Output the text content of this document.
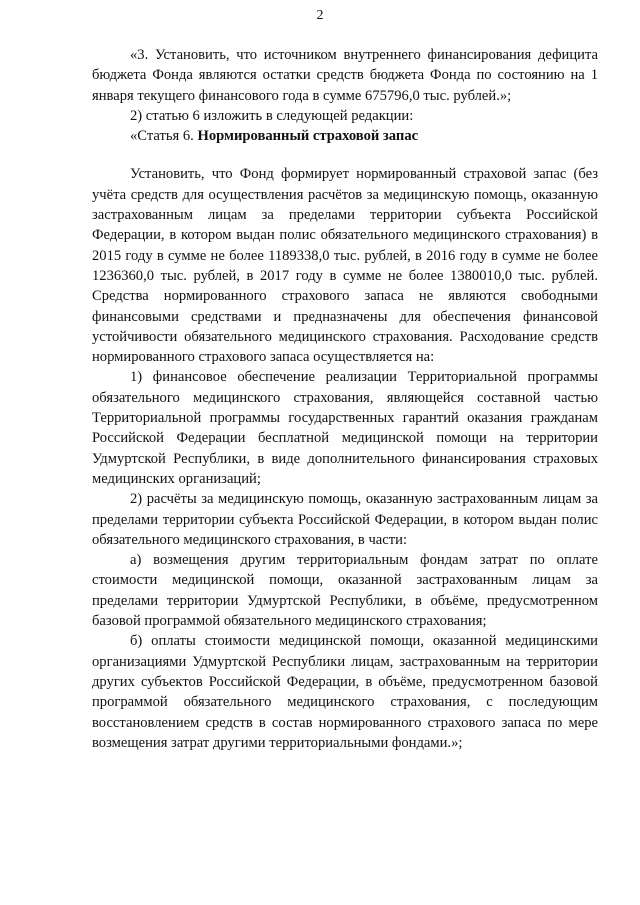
2

«3. Установить, что источником внутреннего финансирования дефицита бюджета Фонда являются остатки средств бюджета Фонда по состоянию на 1 января текущего финансового года в сумме 675796,0 тыс. рублей.»;

2) статью 6 изложить в следующей редакции:

«Статья 6. Нормированный страховой запас

Установить, что Фонд формирует нормированный страховой запас (без учёта средств для осуществления расчётов за медицинскую помощь, оказанную застрахованным лицам за пределами территории субъекта Российской Федерации, в котором выдан полис обязательного медицинского страхования) в 2015 году в сумме не более 1189338,0 тыс. рублей, в 2016 году в сумме не более 1236360,0 тыс. рублей, в 2017 году в сумме не более 1380010,0 тыс. рублей. Средства нормированного страхового запаса не являются свободными финансовыми средствами и предназначены для обеспечения финансовой устойчивости обязательного медицинского страхования. Расходование средств нормированного страхового запаса осуществляется на:

1) финансовое обеспечение реализации Территориальной программы обязательного медицинского страхования, являющейся составной частью Территориальной программы государственных гарантий оказания гражданам Российской Федерации бесплатной медицинской помощи на территории Удмуртской Республики, в виде дополнительного финансирования страховых медицинских организаций;

2) расчёты за медицинскую помощь, оказанную застрахованным лицам за пределами территории субъекта Российской Федерации, в котором выдан полис обязательного медицинского страхования, в части:

а) возмещения другим территориальным фондам затрат по оплате стоимости медицинской помощи, оказанной застрахованным лицам за пределами территории Удмуртской Республики, в объёме, предусмотренном базовой программой обязательного медицинского страхования;

б) оплаты стоимости медицинской помощи, оказанной медицинскими организациями Удмуртской Республики лицам, застрахованным на территории других субъектов Российской Федерации, в объёме, предусмотренном базовой программой обязательного медицинского страхования, с последующим восстановлением средств в состав нормированного страхового запаса по мере возмещения затрат другими территориальными фондами.»;
